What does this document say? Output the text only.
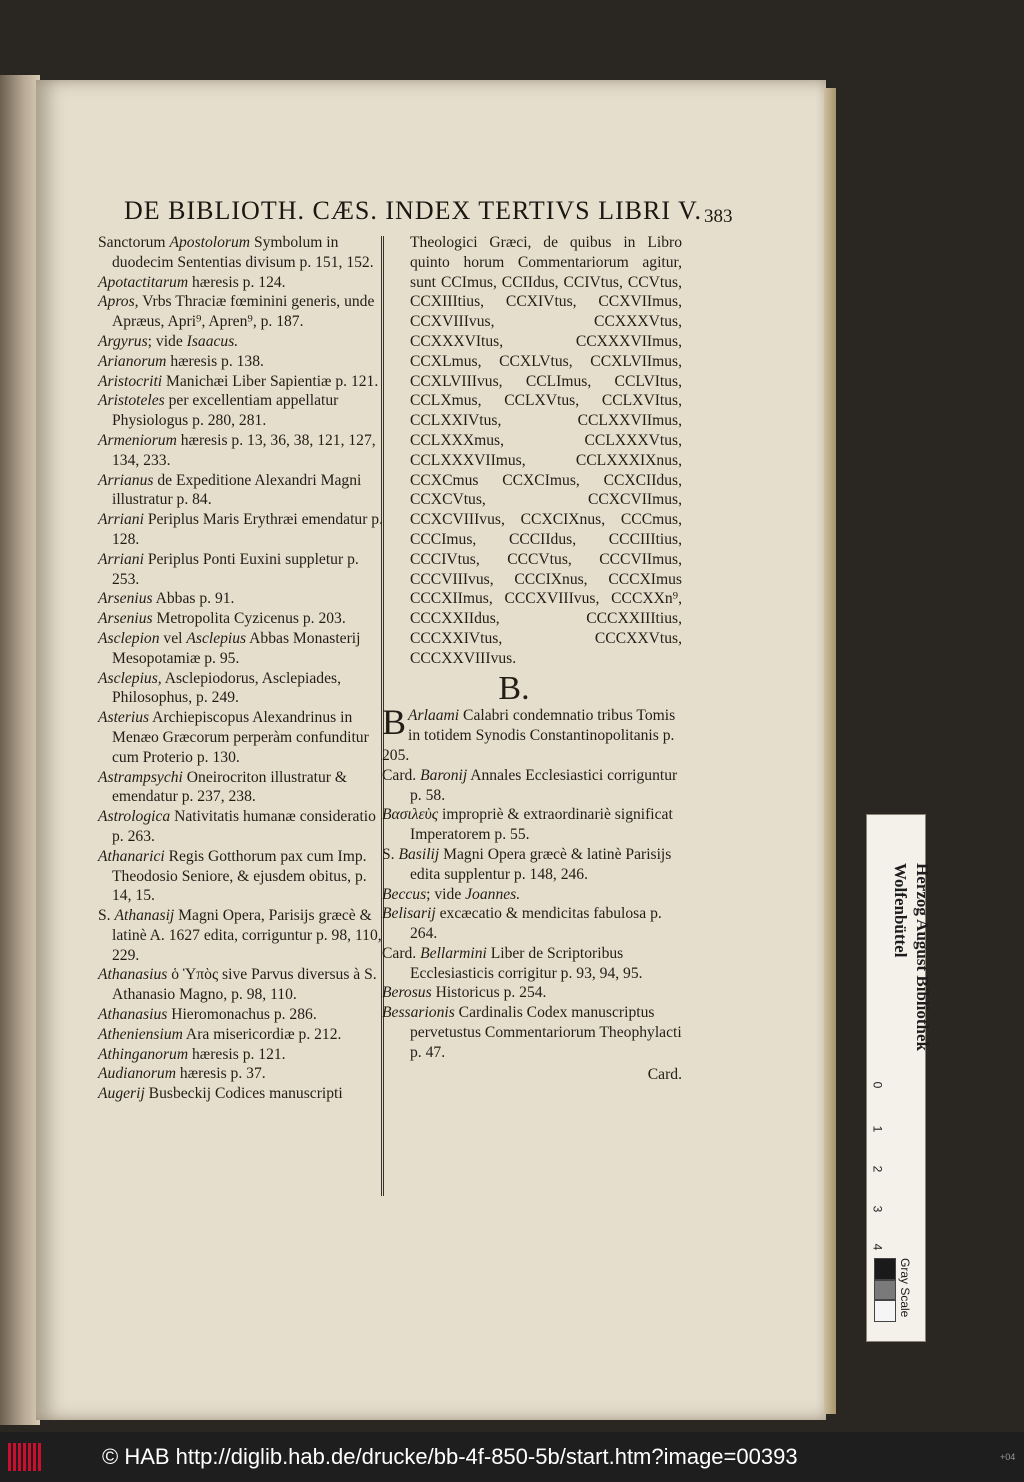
DE BIBLIOTH. CÆS. INDEX TERTIVS LIBRI V. 383
Sanctorum Apostolorum Symbolum in duodecim Sententias divisum p. 151, 152.
Apotactitarum hæresis p. 124.
Apros, Vrbs Thraciæ fœminini generis, unde Apræus, Apri⁹, Apren⁹, p. 187.
Argyrus; vide Isaacus.
Arianorum hæresis p. 138.
Aristocriti Manichæi Liber Sapientiæ p. 121.
Aristoteles per excellentiam appellatur Physiologus p. 280, 281.
Armeniorum hæresis p. 13, 36, 38, 121, 127, 134, 233.
Arrianus de Expeditione Alexandri Magni illustratur p. 84.
Arriani Periplus Maris Erythræi emendatur p. 128.
Arriani Periplus Ponti Euxini suppletur p. 253.
Arsenius Abbas p. 91.
Arsenius Metropolita Cyzicenus p. 203.
Asclepion vel Asclepius Abbas Monasterij Mesopotamiæ p. 95.
Asclepius, Asclepiodorus, Asclepiades, Philosophus, p. 249.
Asterius Archiepiscopus Alexandrinus in Menæo Græcorum perperàm confunditur cum Proterio p. 130.
Astrampsychi Oneirocriton illustratur & emendatur p. 237, 238.
Astrologica Nativitatis humanæ consideratio p. 263.
Athanarici Regis Gotthorum pax cum Imp. Theodosio Seniore, & ejusdem obitus, p. 14, 15.
S. Athanasij Magni Opera, Parisijs græcè & latinè A. 1627 edita, corriguntur p. 98, 110, 229.
Athanasius ὁ Ὑπὸς sive Parvus diversus à S. Athanasio Magno, p. 98, 110.
Athanasius Hieromonachus p. 286.
Atheniensium Ara misericordiæ p. 212.
Athinganorum hæresis p. 121.
Audianorum hæresis p. 37.
Augerij Busbeckij Codices manuscripti
Theologici Græci, de quibus in Libro quinto horum Commentariorum agitur, sunt CCImus, CCIIdus, CCIVtus, CCVtus, CCXIIItius, CCXIVtus, CCXVIImus, CCXVIIIvus, CCXXXVtus, CCXXXVItus, CCXXXVIImus, CCXLmus, CCXLVtus, CCXLVIImus, CCXLVIIIvus, CCLImus, CCLVItus, CCLXmus, CCLXVtus, CCLXVItus, CCLXXIVtus, CCLXXVIImus, CCLXXXmus, CCLXXXVtus, CCLXXXVIImus, CCLXXXIXnus, CCXCmus CCXCImus, CCXCIIdus, CCXCVtus, CCXCVIImus, CCXCVIIIvus, CCXCIXnus, CCCmus, CCCImus, CCCIIdus, CCCIIItius, CCCIVtus, CCCVtus, CCCVIImus, CCCVIIIvus, CCCIXnus, CCCXImus CCCXIImus, CCCXVIIIvus, CCCXXn⁹, CCCXXIIdus, CCCXXIIItius, CCCXXIVtus, CCCXXVtus, CCCXXVIIIvus.
B.
B Arlaami Calabri condemnatio tribus Tomis in totidem Synodis Constantinopolitanis p. 205.
Card. Baronij Annales Ecclesiastici corriguntur p. 58.
Βασιλεὺς impropriè & extraordinariè significat Imperatorem p. 55.
S. Basilij Magni Opera græcè & latinè Parisijs edita supplentur p. 148, 246.
Beccus; vide Joannes.
Belisarij excæcatio & mendicitas fabulosa p. 264.
Card. Bellarmini Liber de Scriptoribus Ecclesiasticis corrigitur p. 93, 94, 95.
Berosus Historicus p. 254.
Bessarionis Cardinalis Codex manuscriptus pervetustus Commentariorum Theophylacti p. 47.
Card.
Herzog August Bibliothek
Wolfenbüttel
0
1
2
3
4
Gray Scale
© HAB http://diglib.hab.de/drucke/bb-4f-850-5b/start.htm?image=00393	+04
